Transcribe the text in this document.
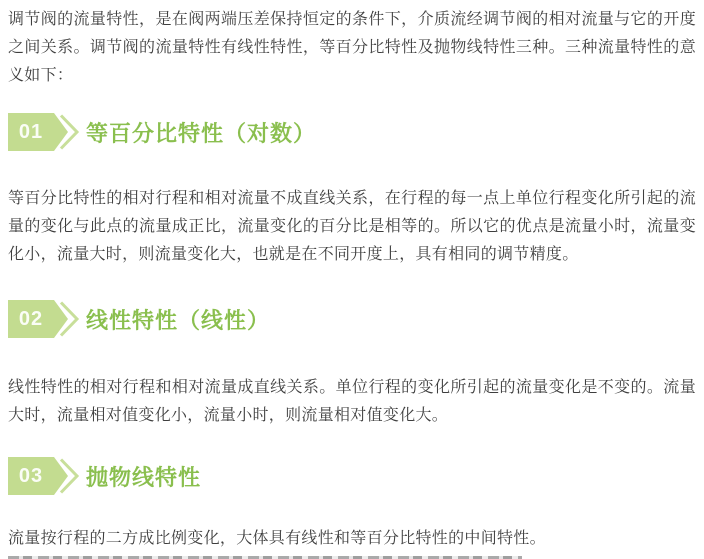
调节阀的流量特性，是在阀两端压差保持恒定的条件下，介质流经调节阀的相对流量与它的开度之间关系。调节阀的流量特性有线性特性，等百分比特性及抛物线特性三种。三种流量特性的意义如下：

01	等百分比特性（对数）

等百分比特性的相对行程和相对流量不成直线关系，在行程的每一点上单位行程变化所引起的流量的变化与此点的流量成正比，流量变化的百分比是相等的。所以它的优点是流量小时，流量变化小，流量大时，则流量变化大，也就是在不同开度上，具有相同的调节精度。

02	线性特性（线性）

线性特性的相对行程和相对流量成直线关系。单位行程的变化所引起的流量变化是不变的。流量大时，流量相对值变化小，流量小时，则流量相对值变化大。

03	抛物线特性

流量按行程的二方成比例变化，大体具有线性和等百分比特性的中间特性。
